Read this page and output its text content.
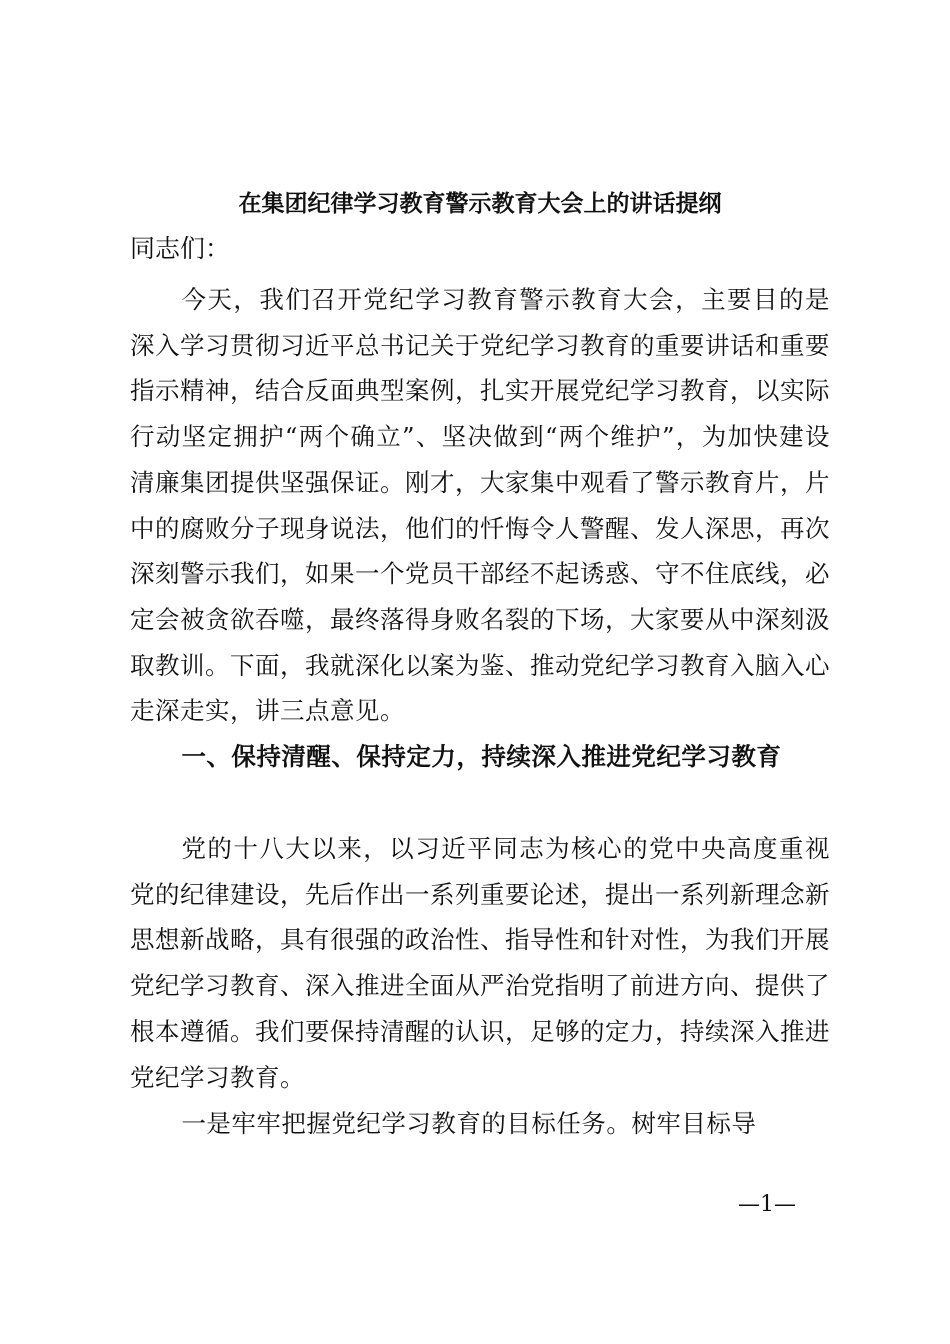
在集团纪律学习教育警示教育大会上的讲话提纲
同志们：

今天，我们召开党纪学习教育警示教育大会，主要目的是深入学习贯彻习近平总书记关于党纪学习教育的重要讲话和重要指示精神，结合反面典型案例，扎实开展党纪学习教育，以实际行动坚定拥护“两个确立”、坚决做到“两个维护”，为加快建设清廉集团提供坚强保证。刚才，大家集中观看了警示教育片，片中的腐败分子现身说法，他们的忏悔令人警醒、发人深思，再次深刻警示我们，如果一个党员干部经不起诱惑、守不住底线，必定会被贪欲吞噬，最终落得身败名裂的下场，大家要从中深刻汲取教训。下面，我就深化以案为鉴、推动党纪学习教育入脑入心走深走实，讲三点意见。

一、保持清醒、保持定力，持续深入推进党纪学习教育

党的十八大以来，以习近平同志为核心的党中央高度重视党的纪律建设，先后作出一系列重要论述，提出一系列新理念新思想新战略，具有很强的政治性、指导性和针对性，为我们开展党纪学习教育、深入推进全面从严治党指明了前进方向、提供了根本遵循。我们要保持清醒的认识，足够的定力，持续深入推进党纪学习教育。

一是牢牢把握党纪学习教育的目标任务。树牢目标导

—1—
